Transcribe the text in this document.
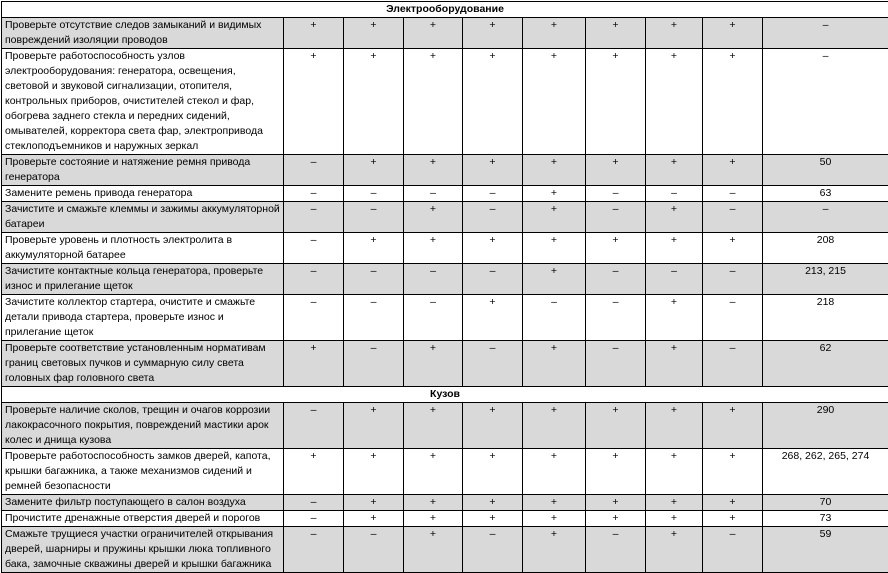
Электрооборудование									
Проверьте отсутствие следов замыканий и видимых повреждений изоляции проводов	+	+	+	+	+	+	+	+	–
Проверьте работоспособность узлов электрооборудования: генератора, освещения, световой и звуковой сигнализации, отопителя, контрольных приборов, очистителей стекол и фар, обогрева заднего стекла и передних сидений, омывателей, корректора света фар, электропривода стеклоподъемников и наружных зеркал	+	+	+	+	+	+	+	+	–
Проверьте состояние и натяжение ремня привода генератора	–	+	+	+	+	+	+	+	50
Замените ремень привода генератора	–	–	–	–	+	–	–	–	63
Зачистите и смажьте клеммы и зажимы аккумуляторной батареи	–	–	+	–	+	–	+	–	–
Проверьте уровень и плотность электролита в аккумуляторной батарее	–	+	+	+	+	+	+	+	208
Зачистите контактные кольца генератора, проверьте износ и прилегание щеток	–	–	–	–	+	–	–	–	213, 215
Зачистите коллектор стартера, очистите и смажьте детали привода стартера, проверьте износ и прилегание щеток	–	–	–	+	–	–	+	–	218
Проверьте соответствие установленным нормативам границ световых пучков и суммарную силу света головных фар головного света	+	–	+	–	+	–	+	–	62
Кузов									
Проверьте наличие сколов, трещин и очагов коррозии лакокрасочного покрытия, повреждений мастики арок колес и днища кузова	–	+	+	+	+	+	+	+	290
Проверьте работоспособность замков дверей, капота, крышки багажника, а также механизмов сидений и ремней безопасности	+	+	+	+	+	+	+	+	268, 262, 265, 274
Замените фильтр поступающего в салон воздуха	–	+	+	+	+	+	+	+	70
Прочистите дренажные отверстия дверей и порогов	–	+	+	+	+	+	+	+	73
Смажьте трущиеся участки ограничителей открывания дверей, шарниры и пружины крышки люка топливного бака, замочные скважины дверей и крышки багажника	–	–	+	–	+	–	+	–	59
